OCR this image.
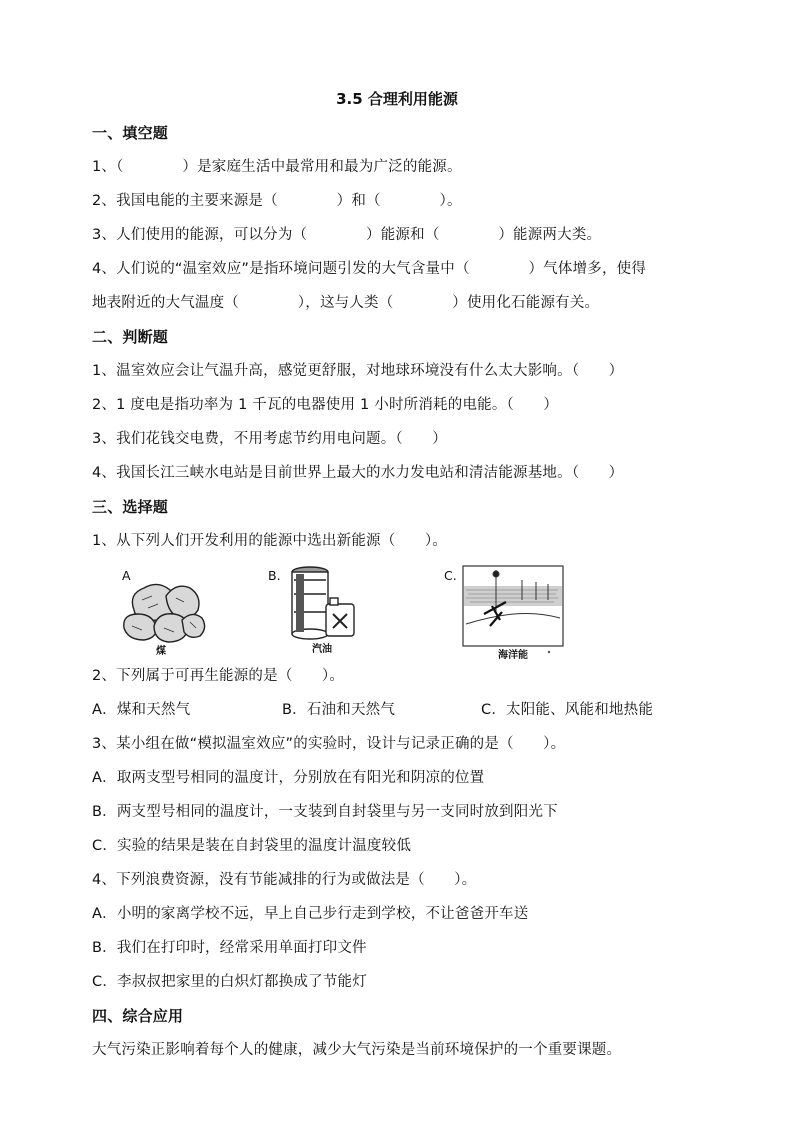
3.5 合理利用能源
一、填空题
1、（　　　　）是家庭生活中最常用和最为广泛的能源。
2、我国电能的主要来源是（　　　　）和（　　　　）。
3、人们使用的能源，可以分为（　　　　）能源和（　　　　）能源两大类。
4、人们说的“温室效应”是指环境问题引发的大气含量中（　　　　）气体增多，使得
地表附近的大气温度（　　　　），这与人类（　　　　）使用化石能源有关。
二、判断题
1、温室效应会让气温升高，感觉更舒服，对地球环境没有什么太大影响。（　　）
2、1 度电是指功率为 1 千瓦的电器使用 1 小时所消耗的电能。（　　）
3、我们花钱交电费，不用考虑节约用电问题。（　　）
4、我国长江三峡水电站是目前世界上最大的水力发电站和清洁能源基地。（　　）
三、选择题
1、从下列人们开发利用的能源中选出新能源（　　）。
A
煤
B.
汽油
C.
海洋能
2、下列属于可再生能源的是（　　）。
A．煤和天然气	B．石油和天然气	C．太阳能、风能和地热能
3、某小组在做“模拟温室效应”的实验时，设计与记录正确的是（　　）。
A．取两支型号相同的温度计，分别放在有阳光和阴凉的位置
B．两支型号相同的温度计，一支装到自封袋里与另一支同时放到阳光下
C．实验的结果是装在自封袋里的温度计温度较低
4、下列浪费资源，没有节能减排的行为或做法是（　　）。
A．小明的家离学校不远，早上自己步行走到学校，不让爸爸开车送
B．我们在打印时，经常采用单面打印文件
C．李叔叔把家里的白炽灯都换成了节能灯
四、综合应用
大气污染正影响着每个人的健康，减少大气污染是当前环境保护的一个重要课题。
